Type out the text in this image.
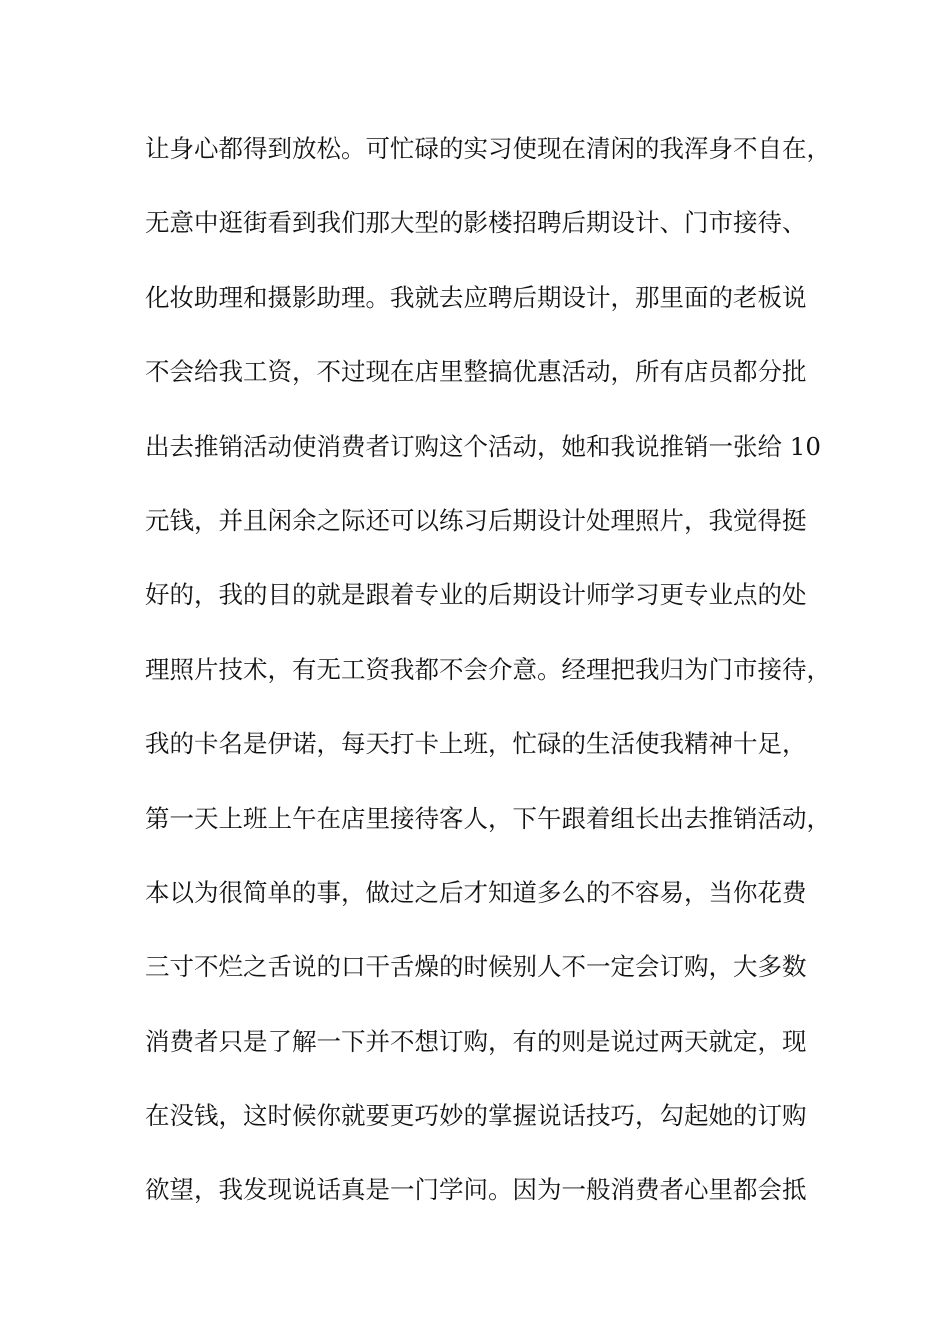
让身心都得到放松。可忙碌的实习使现在清闲的我浑身不自在，
无意中逛街看到我们那大型的影楼招聘后期设计、门市接待、
化妆助理和摄影助理。我就去应聘后期设计，那里面的老板说
不会给我工资，不过现在店里整搞优惠活动，所有店员都分批
出去推销活动使消费者订购这个活动，她和我说推销一张给 10
元钱，并且闲余之际还可以练习后期设计处理照片，我觉得挺
好的，我的目的就是跟着专业的后期设计师学习更专业点的处
理照片技术，有无工资我都不会介意。经理把我归为门市接待，
我的卡名是伊诺，每天打卡上班，忙碌的生活使我精神十足，
第一天上班上午在店里接待客人，下午跟着组长出去推销活动，
本以为很简单的事，做过之后才知道多么的不容易，当你花费
三寸不烂之舌说的口干舌燥的时候别人不一定会订购，大多数
消费者只是了解一下并不想订购，有的则是说过两天就定，现
在没钱，这时候你就要更巧妙的掌握说话技巧，勾起她的订购
欲望，我发现说话真是一门学问。因为一般消费者心里都会抵
